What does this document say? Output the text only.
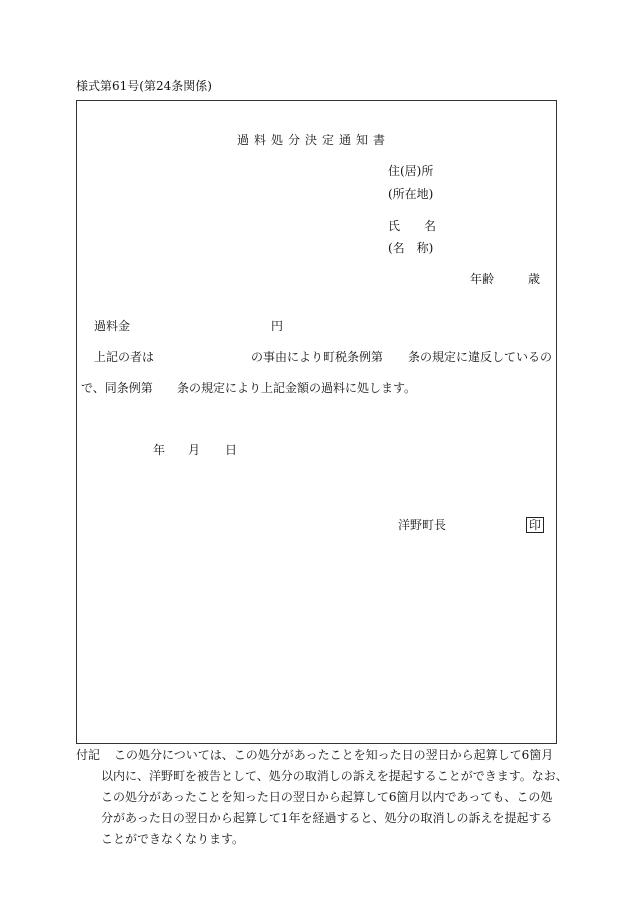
様式第61号(第24条関係)
過料処分決定通知書
住(居)所
(所在地)
氏　　名
(名　称)
年齢	歳
過料金	円
上記の者は	の事由により町税条例第 条の規定に違反しているの
で、同条例第 条の規定により上記金額の過料に処します。
年 月 日
洋野町長	印
付記 この処分については、この処分があったことを知った日の翌日から起算して6箇月
以内に、洋野町を被告として、処分の取消しの訴えを提起することができます。なお、
この処分があったことを知った日の翌日から起算して6箇月以内であっても、この処
分があった日の翌日から起算して1年を経過すると、処分の取消しの訴えを提起する
ことができなくなります。
